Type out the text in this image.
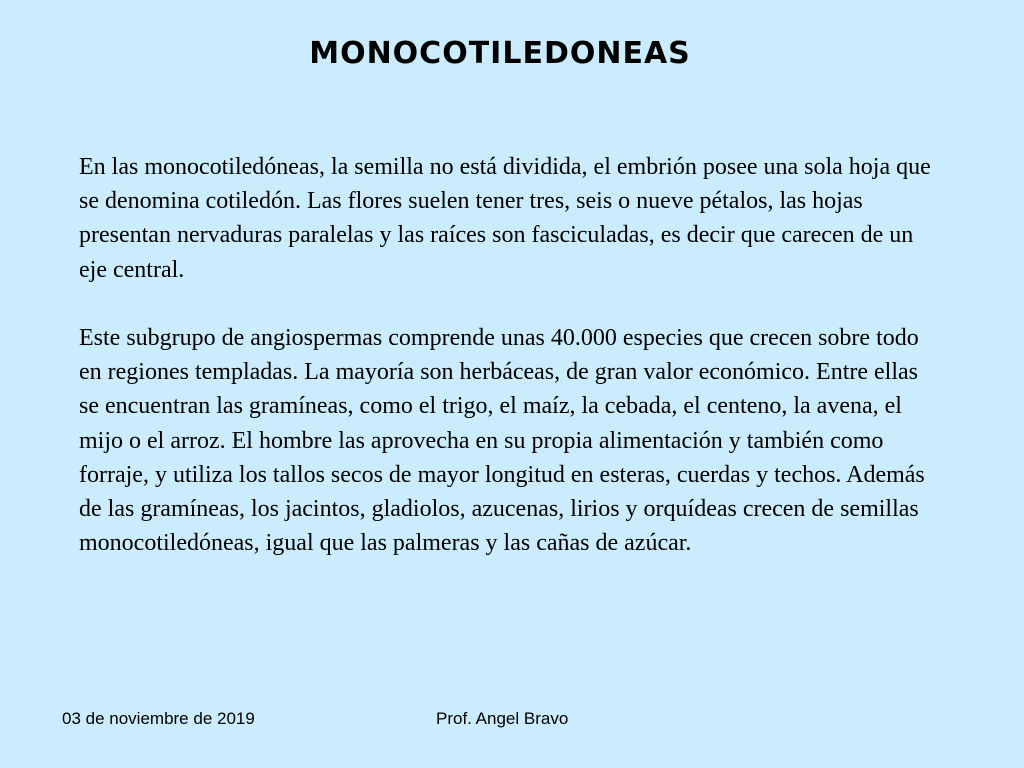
MONOCOTILEDONEAS

En las monocotiledóneas, la semilla no está dividida, el embrión posee una sola hoja que se denomina cotiledón. Las flores suelen tener tres, seis o nueve pétalos, las hojas presentan nervaduras paralelas y las raíces son fasciculadas, es decir que carecen de un eje central.

Este subgrupo de angiospermas comprende unas 40.000 especies que crecen sobre todo en regiones templadas. La mayoría son herbáceas, de gran valor económico. Entre ellas se encuentran las gramíneas, como el trigo, el maíz, la cebada, el centeno, la avena, el mijo o el arroz. El hombre las aprovecha en su propia alimentación y también como forraje, y utiliza los tallos secos de mayor longitud en esteras, cuerdas y techos. Además de las gramíneas, los jacintos, gladiolos, azucenas, lirios y orquídeas crecen de semillas monocotiledóneas, igual que las palmeras y las cañas de azúcar.

03 de noviembre de 2019	Prof. Angel Bravo
